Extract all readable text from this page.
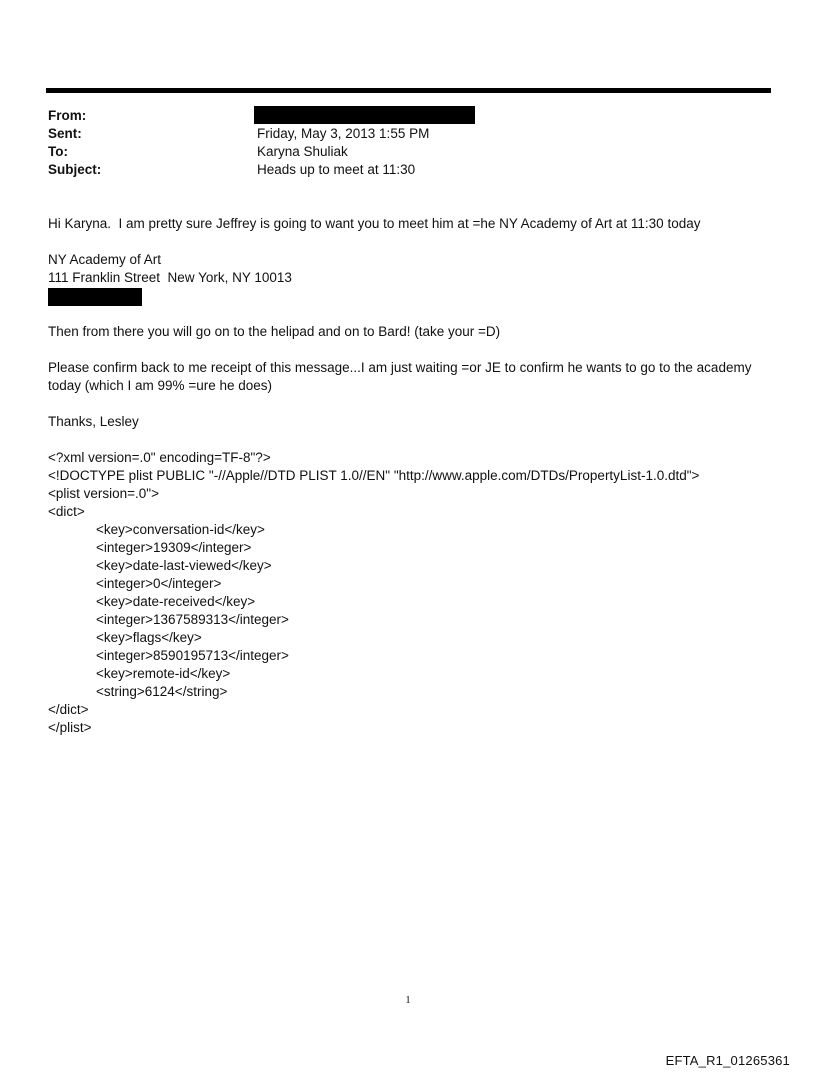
From:
Sent:	Friday, May 3, 2013 1:55 PM
To:	Karyna Shuliak
Subject:	Heads up to meet at 11:30
Hi Karyna.  I am pretty sure Jeffrey is going to want you to meet him at =he NY Academy of Art at 11:30 today
NY Academy of Art
111 Franklin Street  New York, NY 10013
Then from there you will go on to the helipad and on to Bard! (take your =D)
Please confirm back to me receipt of this message...I am just waiting =or JE to confirm he wants to go to the academy
today (which I am 99% =ure he does)
Thanks, Lesley
<?xml version=.0" encoding=TF-8"?>
<!DOCTYPE plist PUBLIC "-//Apple//DTD PLIST 1.0//EN" "http://www.apple.com/DTDs/PropertyList-1.0.dtd">
<plist version=.0">
<dict>
<key>conversation-id</key>
<integer>19309</integer>
<key>date-last-viewed</key>
<integer>0</integer>
<key>date-received</key>
<integer>1367589313</integer>
<key>flags</key>
<integer>8590195713</integer>
<key>remote-id</key>
<string>6124</string>
</dict>
</plist>
1
EFTA_R1_01265361
